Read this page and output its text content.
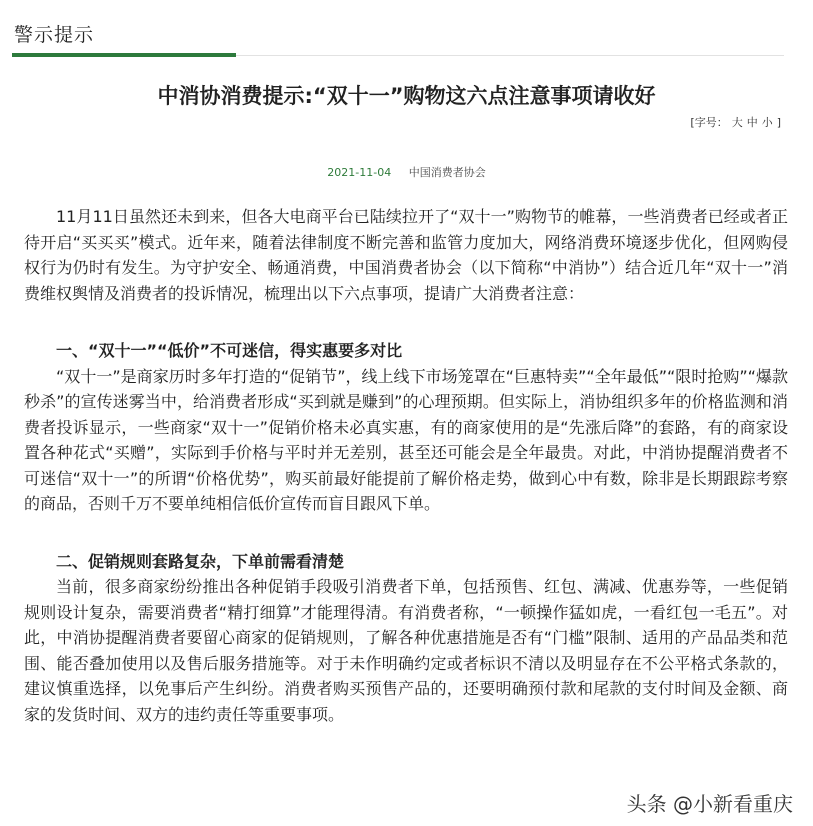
警示提示
中消协消费提示:“双十一”购物这六点注意事项请收好
[字号： 大 中 小 ]
2021-11-04 中国消费者协会

11月11日虽然还未到来，但各大电商平台已陆续拉开了“双十一”购物节的帷幕，一些消费者已经或者正待开启“买买买”模式。近年来，随着法律制度不断完善和监管力度加大，网络消费环境逐步优化，但网购侵权行为仍时有发生。为守护安全、畅通消费，中国消费者协会（以下简称“中消协”）结合近几年“双十一”消费维权舆情及消费者的投诉情况，梳理出以下六点事项，提请广大消费者注意：

一、“双十一”“低价”不可迷信，得实惠要多对比

“双十一”是商家历时多年打造的“促销节”，线上线下市场笼罩在“巨惠特卖”“全年最低”“限时抢购”“爆款秒杀”的宣传迷雾当中，给消费者形成“买到就是赚到”的心理预期。但实际上，消协组织多年的价格监测和消费者投诉显示，一些商家“双十一”促销价格未必真实惠，有的商家使用的是“先涨后降”的套路，有的商家设置各种花式“买赠”，实际到手价格与平时并无差别，甚至还可能会是全年最贵。对此，中消协提醒消费者不可迷信“双十一”的所谓“价格优势”，购买前最好能提前了解价格走势，做到心中有数，除非是长期跟踪考察的商品，否则千万不要单纯相信低价宣传而盲目跟风下单。

二、促销规则套路复杂，下单前需看清楚

当前，很多商家纷纷推出各种促销手段吸引消费者下单，包括预售、红包、满减、优惠券等，一些促销规则设计复杂，需要消费者“精打细算”才能理得清。有消费者称，“一顿操作猛如虎，一看红包一毛五”。对此，中消协提醒消费者要留心商家的促销规则，了解各种优惠措施是否有“门槛”限制、适用的产品品类和范围、能否叠加使用以及售后服务措施等。对于未作明确约定或者标识不清以及明显存在不公平格式条款的，建议慎重选择，以免事后产生纠纷。消费者购买预售产品的，还要明确预付款和尾款的支付时间及金额、商家的发货时间、双方的违约责任等重要事项。

头条 @小新看重庆
